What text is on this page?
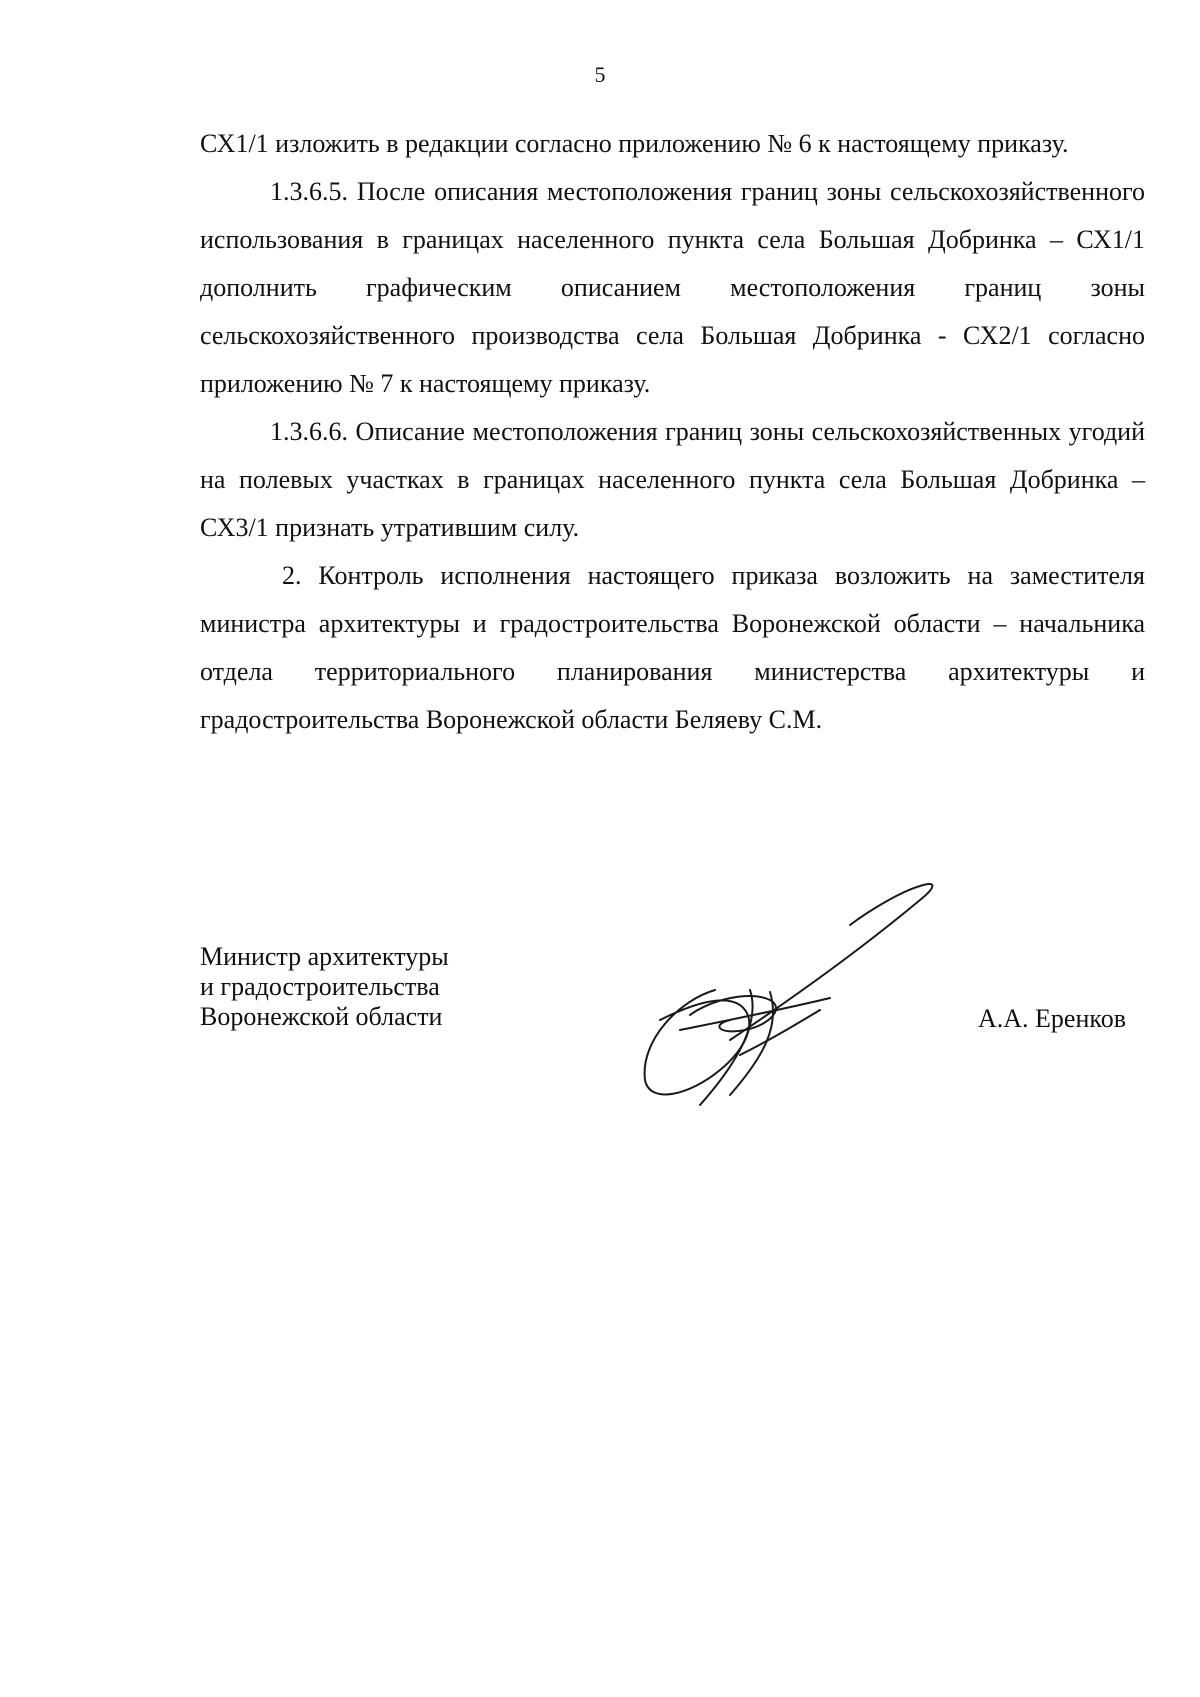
5

СХ1/1 изложить в редакции согласно приложению № 6 к настоящему приказу.

1.3.6.5. После описания местоположения границ зоны сельскохозяйственного использования в границах населенного пункта села Большая Добринка – СХ1/1 дополнить графическим описанием местоположения границ зоны сельскохозяйственного производства села Большая Добринка - СХ2/1 согласно приложению № 7 к настоящему приказу.

1.3.6.6. Описание местоположения границ зоны сельскохозяйственных угодий на полевых участках в границах населенного пункта села Большая Добринка – СХ3/1 признать утратившим силу.

2. Контроль исполнения настоящего приказа возложить на заместителя министра архитектуры и градостроительства Воронежской области – начальника отдела территориального планирования министерства архитектуры и градостроительства Воронежской области Беляеву С.М.

Министр архитектуры
и градостроительства
Воронежской области	А.А. Еренков
